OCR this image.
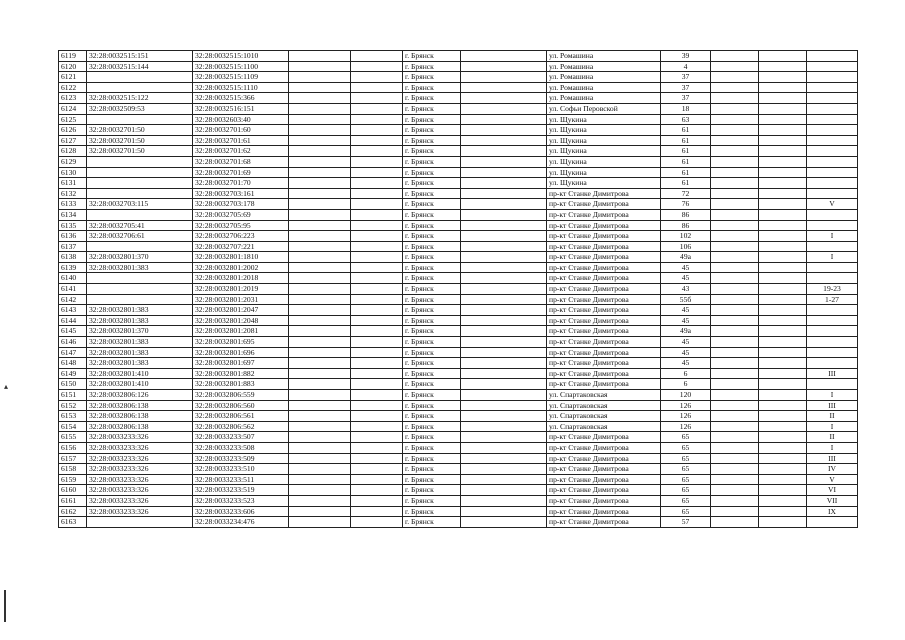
6119	32:28:0032515:151	32:28:0032515:1010			г. Брянск		ул. Ромашина	39			
6120	32:28:0032515:144	32:28:0032515:1100			г. Брянск		ул. Ромашина	4			
6121		32:28:0032515:1109			г. Брянск		ул. Ромашина	37			
6122		32:28:0032515:1110			г. Брянск		ул. Ромашина	37			
6123	32:28:0032515:122	32:28:0032515:366			г. Брянск		ул. Ромашина	37			
6124	32:28:0032509:53	32:28:0032516:151			г. Брянск		ул. Софьи Перовской	18			
6125		32:28:0032603:40			г. Брянск		ул. Щукина	63			
6126	32:28:0032701:50	32:28:0032701:60			г. Брянск		ул. Щукина	61			
6127	32:28:0032701:50	32:28:0032701:61			г. Брянск		ул. Щукина	61			
6128	32:28:0032701:50	32:28:0032701:62			г. Брянск		ул. Щукина	61			
6129		32:28:0032701:68			г. Брянск		ул. Щукина	61			
6130		32:28:0032701:69			г. Брянск		ул. Щукина	61			
6131		32:28:0032701:70			г. Брянск		ул. Щукина	61			
6132		32:28:0032703:161			г. Брянск		пр-кт Станке Димитрова	72			
6133	32:28:0032703:115	32:28:0032703:178			г. Брянск		пр-кт Станке Димитрова	76			V
6134		32:28:0032705:69			г. Брянск		пр-кт Станке Димитрова	86			
6135	32:28:0032705:41	32:28:0032705:95			г. Брянск		пр-кт Станке Димитрова	86			
6136	32:28:0032706:61	32:28:0032706:223			г. Брянск		пр-кт Станке Димитрова	102			I
6137		32:28:0032707:221			г. Брянск		пр-кт Станке Димитрова	106			
6138	32:28:0032801:370	32:28:0032801:1810			г. Брянск		пр-кт Станке Димитрова	49а			I
6139	32:28:0032801:383	32:28:0032801:2002			г. Брянск		пр-кт Станке Димитрова	45			
6140		32:28:0032801:2018			г. Брянск		пр-кт Станке Димитрова	45			
6141		32:28:0032801:2019			г. Брянск		пр-кт Станке Димитрова	43			19-23
6142		32:28:0032801:2031			г. Брянск		пр-кт Станке Димитрова	55б			1-27
6143	32:28:0032801:383	32:28:0032801:2047			г. Брянск		пр-кт Станке Димитрова	45			
6144	32:28:0032801:383	32:28:0032801:2048			г. Брянск		пр-кт Станке Димитрова	45			
6145	32:28:0032801:370	32:28:0032801:2081			г. Брянск		пр-кт Станке Димитрова	49а			
6146	32:28:0032801:383	32:28:0032801:695			г. Брянск		пр-кт Станке Димитрова	45			
6147	32:28:0032801:383	32:28:0032801:696			г. Брянск		пр-кт Станке Димитрова	45			
6148	32:28:0032801:383	32:28:0032801:697			г. Брянск		пр-кт Станке Димитрова	45			
6149	32:28:0032801:410	32:28:0032801:882			г. Брянск		пр-кт Станке Димитрова	6			III
6150	32:28:0032801:410	32:28:0032801:883			г. Брянск		пр-кт Станке Димитрова	6			
6151	32:28:0032806:126	32:28:0032806:559			г. Брянск		ул. Спартаковская	120			I
6152	32:28:0032806:138	32:28:0032806:560			г. Брянск		ул. Спартаковская	126			III
6153	32:28:0032806:138	32:28:0032806:561			г. Брянск		ул. Спартаковская	126			II
6154	32:28:0032806:138	32:28:0032806:562			г. Брянск		ул. Спартаковская	126			I
6155	32:28:0033233:326	32:28:0033233:507			г. Брянск		пр-кт Станке Димитрова	65			II
6156	32:28:0033233:326	32:28:0033233:508			г. Брянск		пр-кт Станке Димитрова	65			I
6157	32:28:0033233:326	32:28:0033233:509			г. Брянск		пр-кт Станке Димитрова	65			III
6158	32:28:0033233:326	32:28:0033233:510			г. Брянск		пр-кт Станке Димитрова	65			IV
6159	32:28:0033233:326	32:28:0033233:511			г. Брянск		пр-кт Станке Димитрова	65			V
6160	32:28:0033233:326	32:28:0033233:519			г. Брянск		пр-кт Станке Димитрова	65			VI
6161	32:28:0033233:326	32:28:0033233:523			г. Брянск		пр-кт Станке Димитрова	65			VII
6162	32:28:0033233:326	32:28:0033233:606			г. Брянск		пр-кт Станке Димитрова	65			IX
6163		32:28:0033234:476			г. Брянск		пр-кт Станке Димитрова	57			
▴
